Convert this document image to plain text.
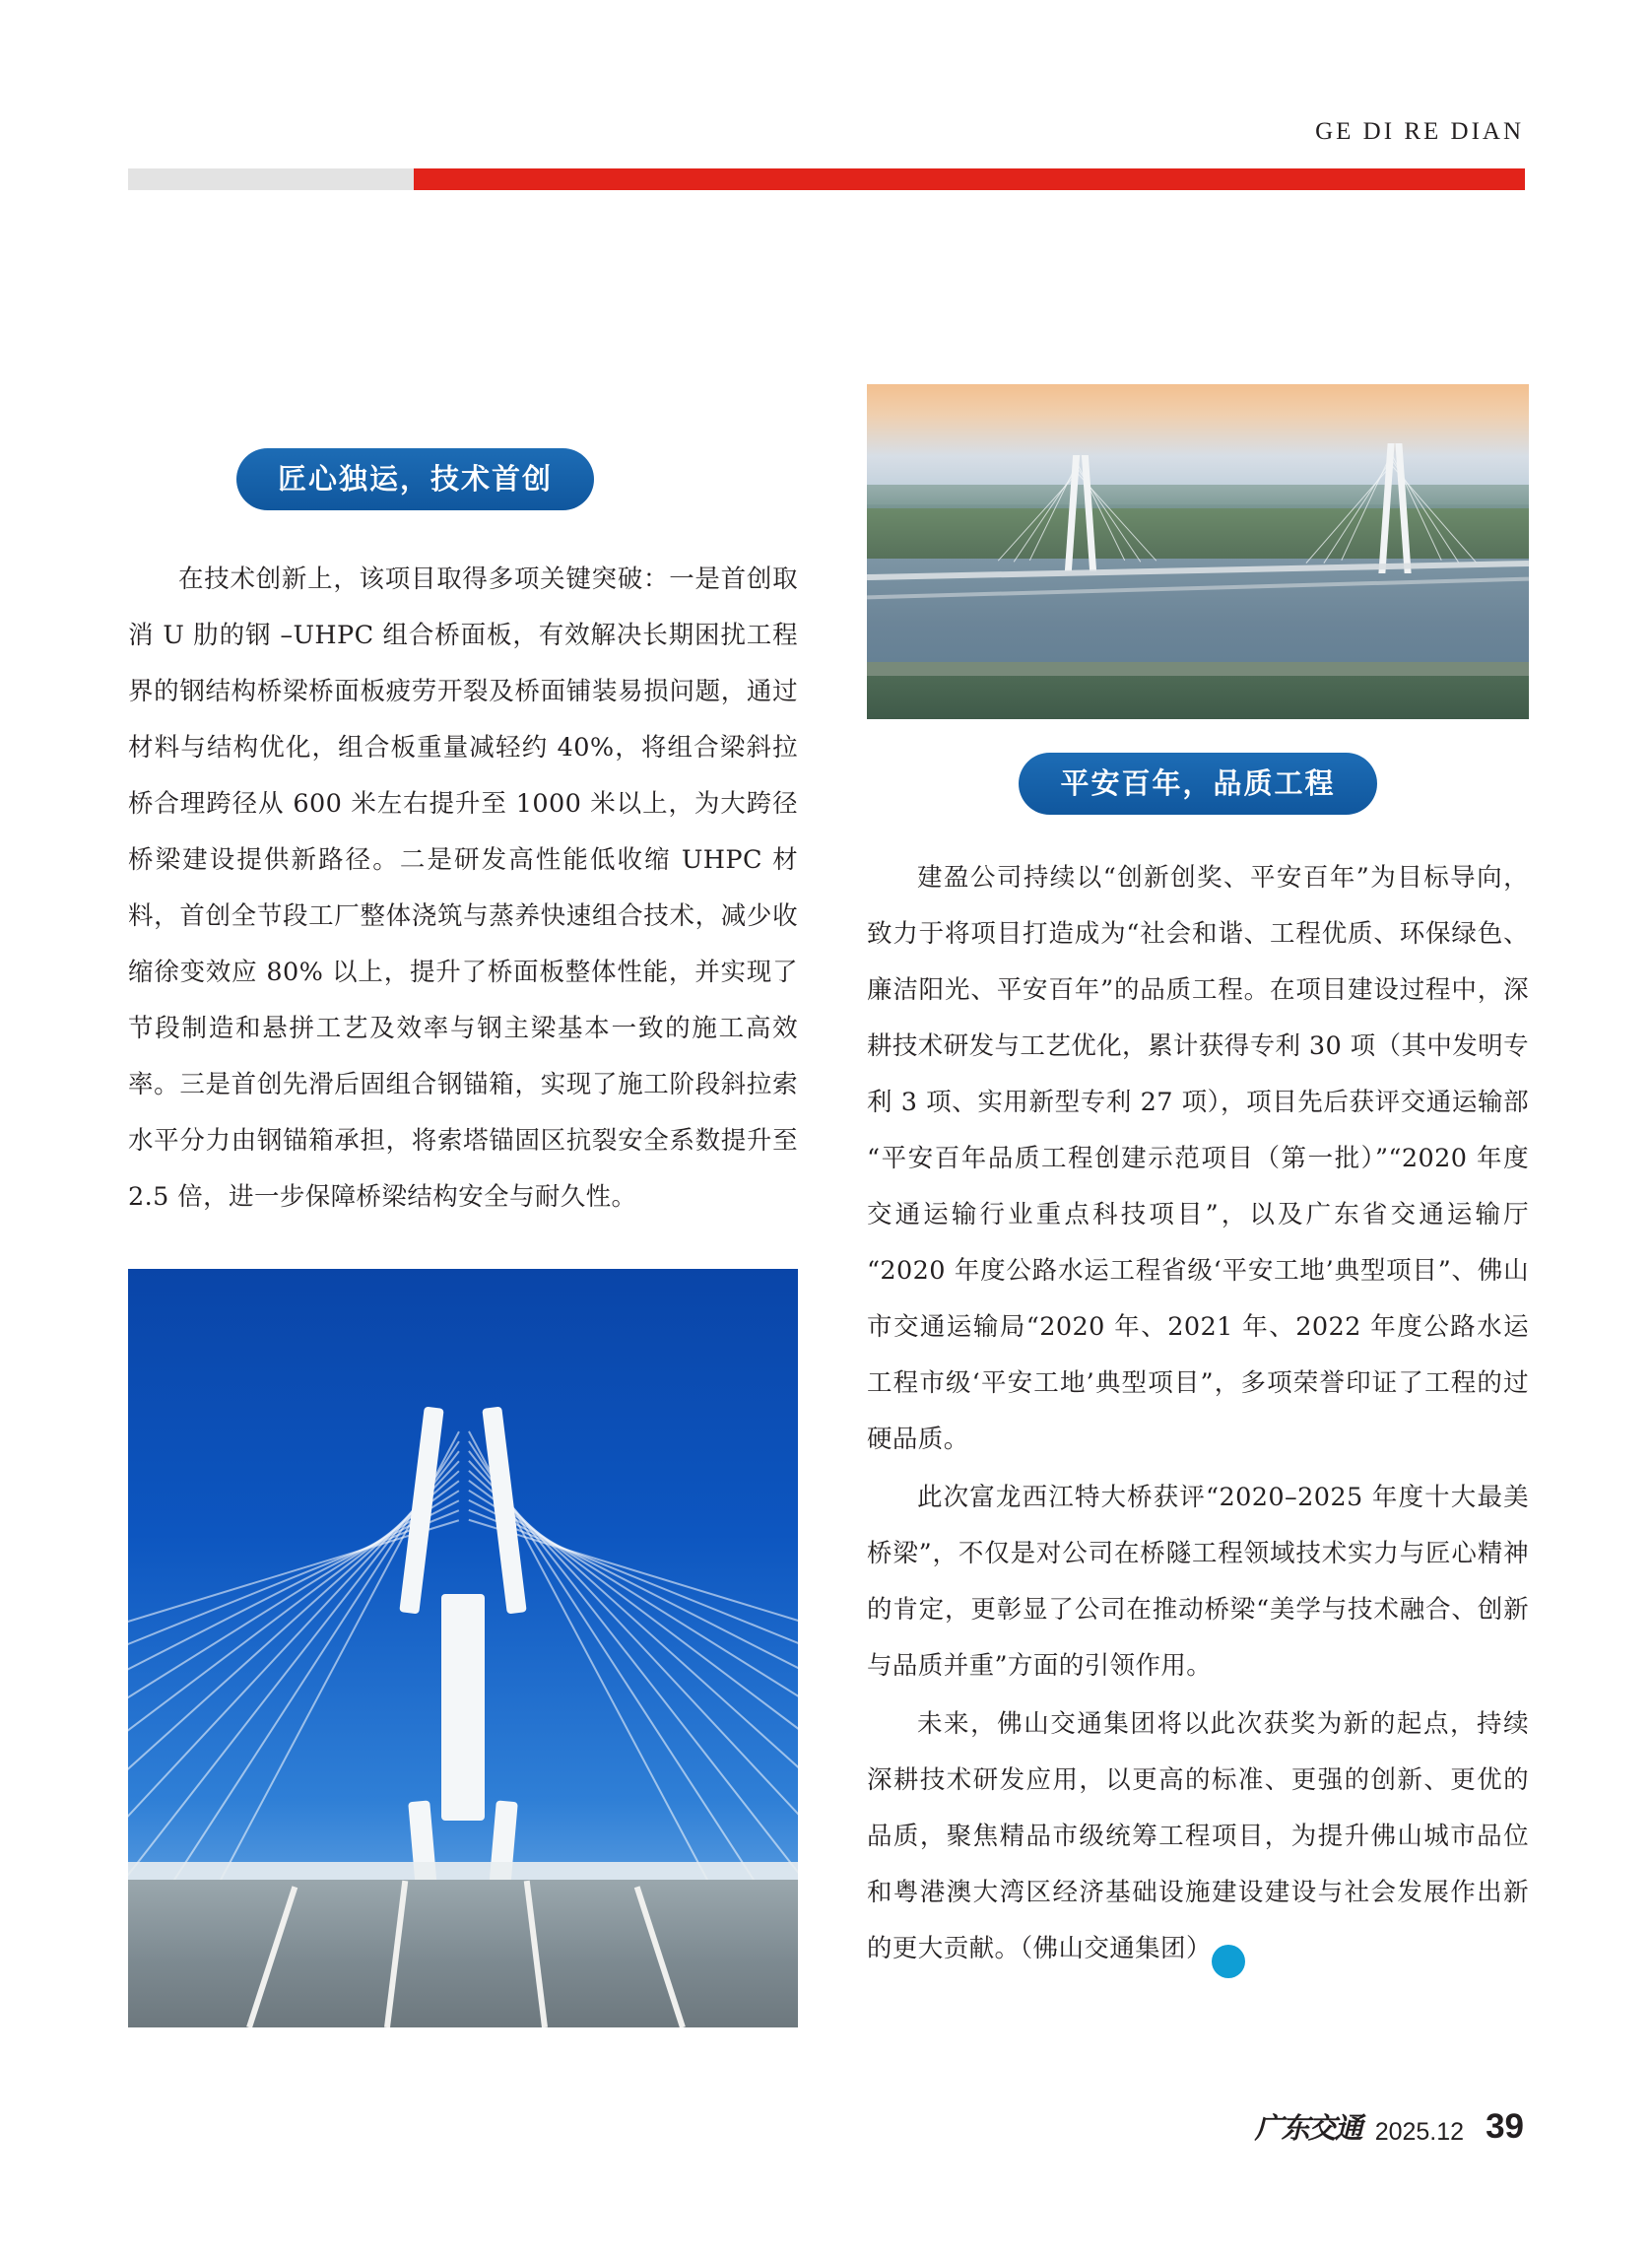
GE DI RE DIAN
匠心独运，技术首创

在技术创新上，该项目取得多项关键突破：一是首创取消 U 肋的钢 –UHPC 组合桥面板，有效解决长期困扰工程界的钢结构桥梁桥面板疲劳开裂及桥面铺装易损问题，通过材料与结构优化，组合板重量减轻约 40%，将组合梁斜拉桥合理跨径从 600 米左右提升至 1000 米以上，为大跨径桥梁建设提供新路径。二是研发高性能低收缩 UHPC 材料，首创全节段工厂整体浇筑与蒸养快速组合技术，减少收缩徐变效应 80% 以上，提升了桥面板整体性能，并实现了节段制造和悬拼工艺及效率与钢主梁基本一致的施工高效率。三是首创先滑后固组合钢锚箱，实现了施工阶段斜拉索水平分力由钢锚箱承担，将索塔锚固区抗裂安全系数提升至 2.5 倍，进一步保障桥梁结构安全与耐久性。

平安百年，品质工程

建盈公司持续以“创新创奖、平安百年”为目标导向，致力于将项目打造成为“社会和谐、工程优质、环保绿色、廉洁阳光、平安百年”的品质工程。在项目建设过程中，深耕技术研发与工艺优化，累计获得专利 30 项（其中发明专利 3 项、实用新型专利 27 项），项目先后获评交通运输部“平安百年品质工程创建示范项目（第一批）”“2020 年度交通运输行业重点科技项目”，以及广东省交通运输厅“2020 年度公路水运工程省级‘平安工地’典型项目”、佛山市交通运输局“2020 年、2021 年、2022 年度公路水运工程市级‘平安工地’典型项目”，多项荣誉印证了工程的过硬品质。

此次富龙西江特大桥获评“2020–2025 年度十大最美桥梁”，不仅是对公司在桥隧工程领域技术实力与匠心精神的肯定，更彰显了公司在推动桥梁“美学与技术融合、创新与品质并重”方面的引领作用。

未来，佛山交通集团将以此次获奖为新的起点，持续深耕技术研发应用，以更高的标准、更强的创新、更优的品质，聚焦精品市级统筹工程项目，为提升佛山城市品位和粤港澳大湾区经济基础设施建设建设与社会发展作出新的更大贡献。（佛山交通集团）	CTA

广东交通 2025.12 39
